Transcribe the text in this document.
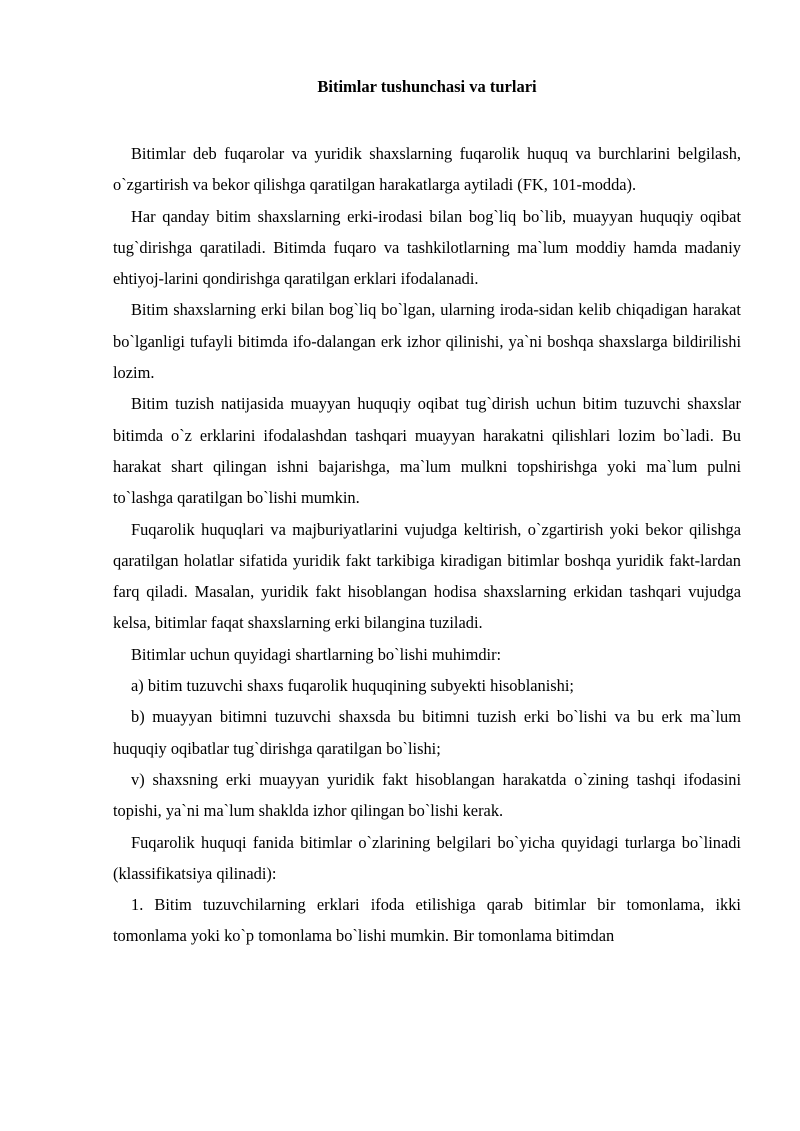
Bitimlar tushunchasi va turlari

Bitimlar deb fuqarolar va yuridik shaxslarning fuqarolik huquq va burchlarini belgilash, o`zgartirish va bekor qilishga qaratilgan harakatlarga aytiladi (FK, 101-modda).

Har qanday bitim shaxslarning erki-irodasi bilan bog`liq bo`lib, muayyan huquqiy oqibat tug`dirishga qaratiladi. Bitimda fuqaro va tashkilotlarning ma`lum moddiy hamda madaniy ehtiyoj-larini qondirishga qaratilgan erklari ifodalanadi.

Bitim shaxslarning erki bilan bog`liq bo`lgan, ularning iroda-sidan kelib chiqadigan harakat bo`lganligi tufayli bitimda ifo-dalangan erk izhor qilinishi, ya`ni boshqa shaxslarga bildirilishi lozim.

Bitim tuzish natijasida muayyan huquqiy oqibat tug`dirish uchun bitim tuzuvchi shaxslar bitimda o`z erklarini ifodalashdan tashqari muayyan harakatni qilishlari lozim bo`ladi. Bu harakat shart qilingan ishni bajarishga, ma`lum mulkni topshirishga yoki ma`lum pulni to`lashga qaratilgan bo`lishi mumkin.

Fuqarolik huquqlari va majburiyatlarini vujudga keltirish, o`zgartirish yoki bekor qilishga qaratilgan holatlar sifatida yuridik fakt tarkibiga kiradigan bitimlar boshqa yuridik fakt-lardan farq qiladi. Masalan, yuridik fakt hisoblangan hodisa shaxslarning erkidan tashqari vujudga kelsa, bitimlar faqat shaxslarning erki bilangina tuziladi.

Bitimlar uchun quyidagi shartlarning bo`lishi muhimdir:

a) bitim tuzuvchi shaxs fuqarolik huquqining subyekti hisoblanishi;

b) muayyan bitimni tuzuvchi shaxsda bu bitimni tuzish erki bo`lishi va bu erk ma`lum huquqiy oqibatlar tug`dirishga qaratilgan bo`lishi;

v) shaxsning erki muayyan yuridik fakt hisoblangan harakatda o`zining tashqi ifodasini topishi, ya`ni ma`lum shaklda izhor qilingan bo`lishi kerak.

Fuqarolik huquqi fanida bitimlar o`zlarining belgilari bo`yicha quyidagi turlarga bo`linadi (klassifikatsiya qilinadi):

1. Bitim tuzuvchilarning erklari ifoda etilishiga qarab bitimlar bir tomonlama, ikki tomonlama yoki ko`p tomonlama bo`lishi mumkin. Bir tomonlama bitimdan
